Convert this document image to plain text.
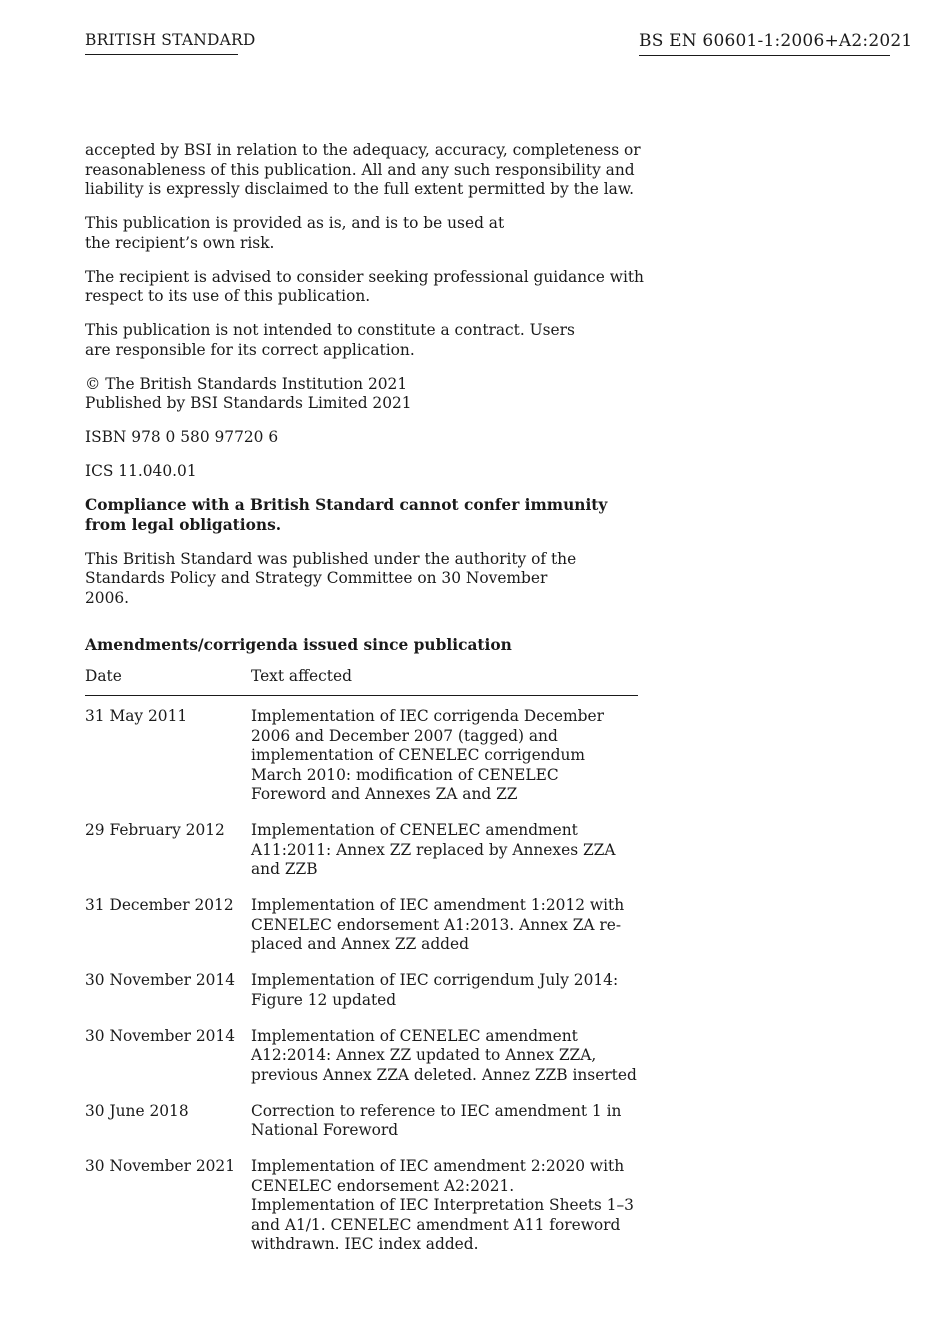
BRITISH STANDARD	BS EN 60601-1:2006+A2:2021

accepted by BSI in relation to the adequacy, accuracy, completeness or reasonableness of this publication. All and any such responsibility and liability is expressly disclaimed to the full extent permitted by the law.

This publication is provided as is, and is to be used at the recipient’s own risk.

The recipient is advised to consider seeking professional guidance with respect to its use of this publication.

This publication is not intended to constitute a contract. Users are responsible for its correct application.

© The British Standards Institution 2021
Published by BSI Standards Limited 2021

ISBN 978 0 580 97720 6

ICS 11.040.01

Compliance with a British Standard cannot confer immunity from legal obligations.

This British Standard was published under the authority of the Standards Policy and Strategy Committee on 30 November 2006.

Amendments/corrigenda issued since publication

Date	Text affected
31 May 2011	Implementation of IEC corrigenda December 2006 and December 2007 (tagged) and implementation of CENELEC corrigendum March 2010: modification of CENELEC Foreword and Annexes ZA and ZZ
29 February 2012	Implementation of CENELEC amendment A11:2011: Annex ZZ replaced by Annexes ZZA and ZZB
31 December 2012	Implementation of IEC amendment 1:2012 with CENELEC endorsement A1:2013. Annex ZA replaced and Annex ZZ added
30 November 2014	Implementation of IEC corrigendum July 2014: Figure 12 updated
30 November 2014	Implementation of CENELEC amendment A12:2014: Annex ZZ updated to Annex ZZA, previous Annex ZZA deleted. Annez ZZB inserted
30 June 2018	Correction to reference to IEC amendment 1 in National Foreword
30 November 2021	Implementation of IEC amendment 2:2020 with CENELEC endorsement A2:2021. Implementation of IEC Interpretation Sheets 1–3 and A1/1. CENELEC amendment A11 foreword withdrawn. IEC index added.
